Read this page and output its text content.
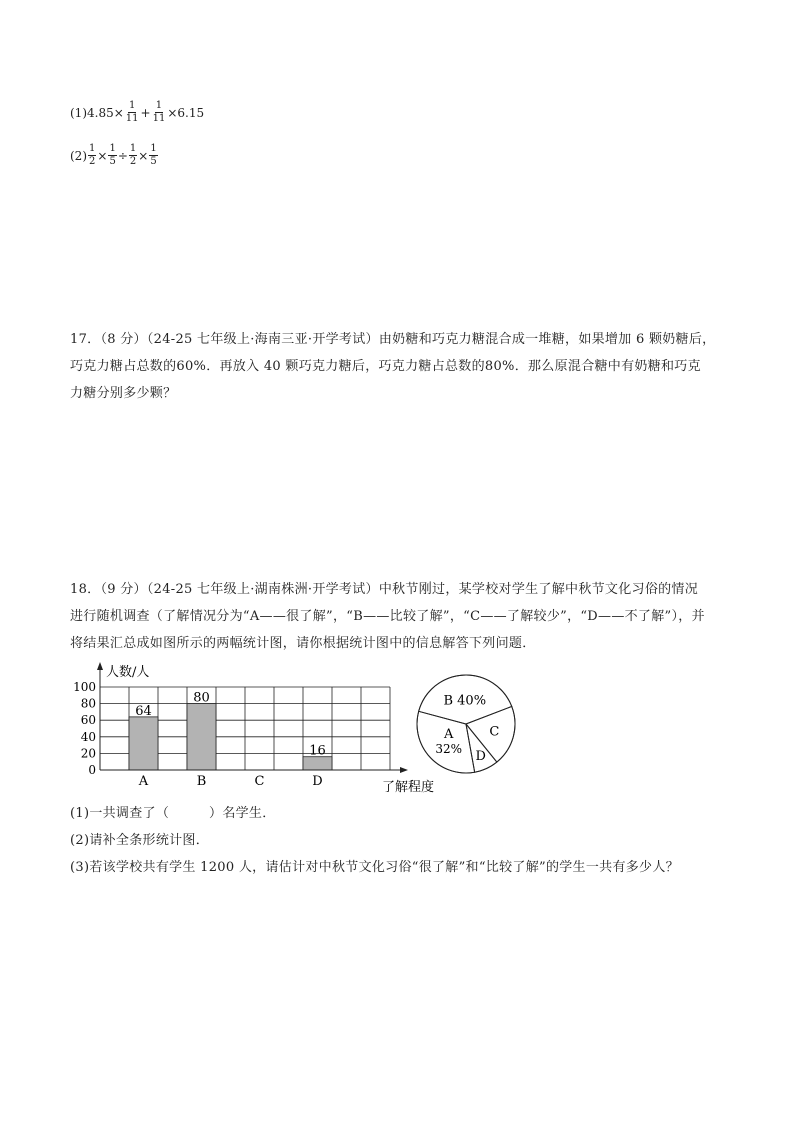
(1) $4.85 \times \frac{1}{11} + \frac{1}{11} \times 6.15$
$(2) \frac{1}{2} \times \frac{1}{5} \div \frac{1}{2} \times \frac{1}{5}$
17．（8 分）（24-25 七年级上·海南三亚·开学考试）由奶糖和巧克力糖混合成一堆糖，如果增加 6 颗奶糖后，
巧克力糖占总数的60%．再放入 40 颗巧克力糖后，巧克力糖占总数的80%．那么原混合糖中有奶糖和巧克
力糖分别多少颗？
18．（9 分）（24-25 七年级上·湖南株洲·开学考试）中秋节刚过，某学校对学生了解中秋节文化习俗的情况
进行随机调查（了解情况分为“A——很了解”，“B——比较了解”，“C——了解较少”，“D——不了解”），并
将结果汇总成如图所示的两幅统计图，请你根据统计图中的信息解答下列问题．
0
20
40
60
80
100
64
A
80
B	C
16
D
人数/人
了解程度
B 40%
C
D
A
32%
(1)一共调查了（　　　）名学生．
(2)请补全条形统计图．
(3)若该学校共有学生 1200 人，请估计对中秋节文化习俗“很了解”和“比较了解”的学生一共有多少人？
